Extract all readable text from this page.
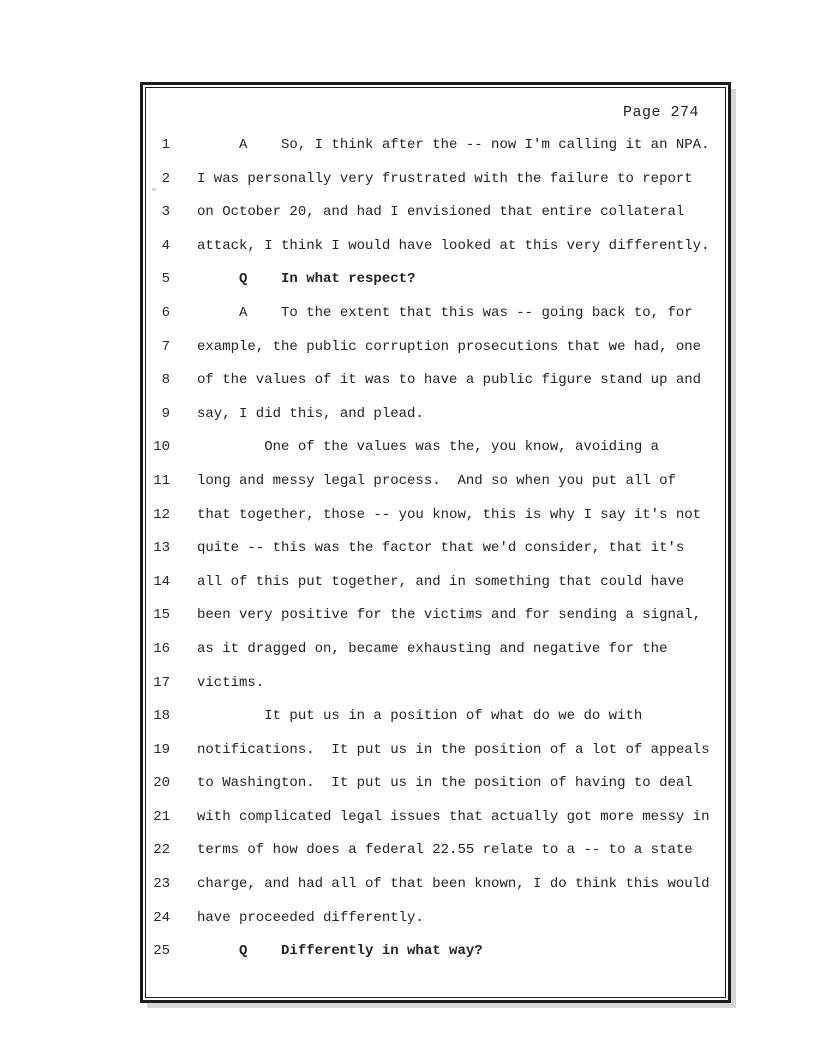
Page 274
1 A    So, I think after the -- now I'm calling it an NPA.
2 I was personally very frustrated with the failure to report
3 on October 20, and had I envisioned that entire collateral
4 attack, I think I would have looked at this very differently.
5 Q    In what respect?
6 A    To the extent that this was -- going back to, for
7 example, the public corruption prosecutions that we had, one
8 of the values of it was to have a public figure stand up and
9 say, I did this, and plead.
10 One of the values was the, you know, avoiding a
11 long and messy legal process.  And so when you put all of
12 that together, those -- you know, this is why I say it's not
13 quite -- this was the factor that we'd consider, that it's
14 all of this put together, and in something that could have
15 been very positive for the victims and for sending a signal,
16 as it dragged on, became exhausting and negative for the
17 victims.
18 It put us in a position of what do we do with
19 notifications.  It put us in the position of a lot of appeals
20 to Washington.  It put us in the position of having to deal
21 with complicated legal issues that actually got more messy in
22 terms of how does a federal 22.55 relate to a -- to a state
23 charge, and had all of that been known, I do think this would
24 have proceeded differently.
25 Q    Differently in what way?
